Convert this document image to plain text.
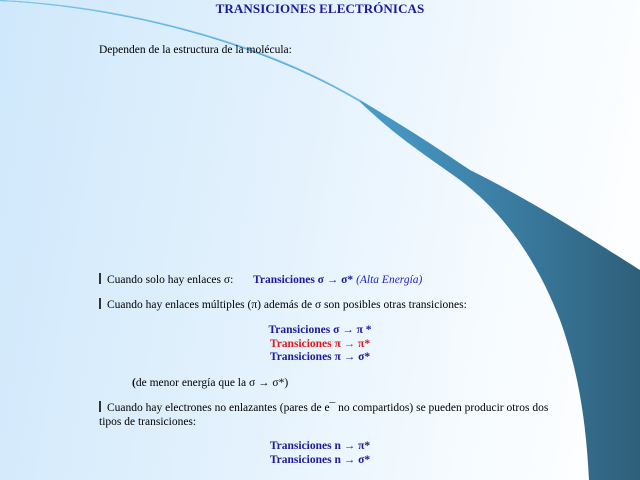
TRANSICIONES ELECTRÓNICAS
Dependen de la estructura de la molécula:
Cuando solo hay enlaces σ: Transiciones σ → σ* (Alta Energía)
Cuando hay enlaces múltiples (π) además de σ son posibles otras transiciones:
Transiciones σ → π *
Transiciones π → π*
Transiciones π → σ*
(de menor energía que la σ → σ*)
Cuando hay electrones no enlazantes (pares de e¯ no compartidos) se pueden producir otros dos
tipos de transiciones:
Transiciones n → π*
Transiciones n → σ*
